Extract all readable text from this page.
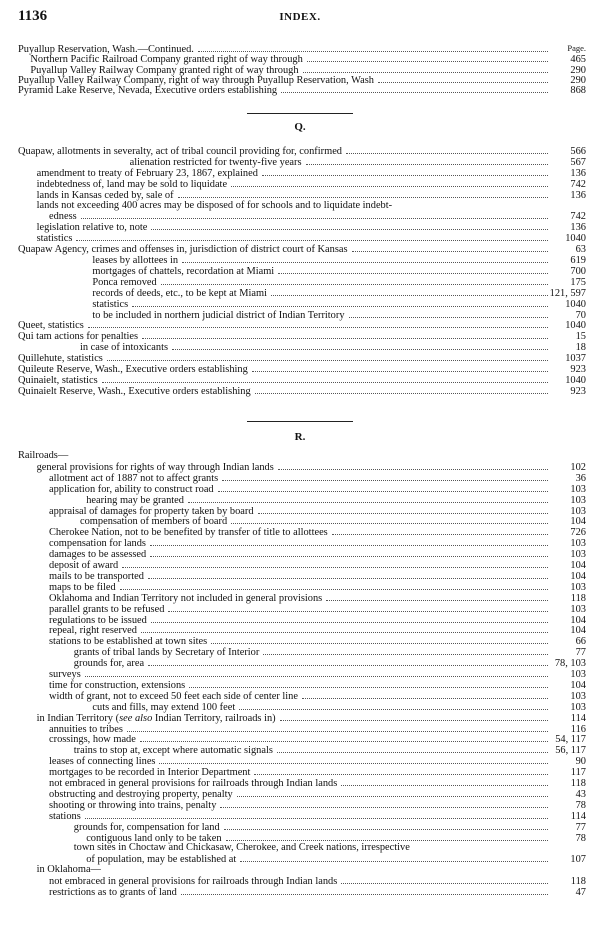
1136	INDEX.
Page.
Puyallup Reservation, Wash.—Continued.
Northern Pacific Railroad Company granted right of way through	465
Puyallup Valley Railway Company granted right of way through	290
Puyallup Valley Railway Company, right of way through Puyallup Reservation, Wash	290
Pyramid Lake Reserve, Nevada, Executive orders establishing	868
Q.
Quapaw, allotments in severalty, act of tribal council providing for, confirmed	566
alienation restricted for twenty-five years	567
amendment to treaty of February 23, 1867, explained	136
indebtedness of, land may be sold to liquidate	742
lands in Kansas ceded by, sale of	136
lands not exceeding 400 acres may be disposed of for schools and to liquidate indebt-
edness	742
legislation relative to, note	136
statistics	1040
Quapaw Agency, crimes and offenses in, jurisdiction of district court of Kansas	63
leases by allottees in	619
mortgages of chattels, recordation at Miami	700
Ponca removed	175
records of deeds, etc., to be kept at Miami	121, 597
statistics	1040
to be included in northern judicial district of Indian Territory	70
Queet, statistics	1040
Qui tam actions for penalties	15
in case of intoxicants	18
Quillehute, statistics	1037
Quileute Reserve, Wash., Executive orders establishing	923
Quinaielt, statistics	1040
Quinaielt Reserve, Wash., Executive orders establishing	923
R.
Railroads—
general provisions for rights of way through Indian lands	102
allotment act of 1887 not to affect grants	36
application for, ability to construct road	103
hearing may be granted	103
appraisal of damages for property taken by board	103
compensation of members of board	104
Cherokee Nation, not to be benefited by transfer of title to allottees	726
compensation for lands	103
damages to be assessed	103
deposit of award	104
mails to be transported	104
maps to be filed	103
Oklahoma and Indian Territory not included in general provisions	118
parallel grants to be refused	103
regulations to be issued	104
repeal, right reserved	104
stations to be established at town sites	66
grants of tribal lands by Secretary of Interior	77
grounds for, area	78, 103
surveys	103
time for construction, extensions	104
width of grant, not to exceed 50 feet each side of center line	103
cuts and fills, may extend 100 feet	103
in Indian Territory (see also Indian Territory, railroads in)	114
annuities to tribes	116
crossings, how made	54, 117
trains to stop at, except where automatic signals	56, 117
leases of connecting lines	90
mortgages to be recorded in Interior Department	117
not embraced in general provisions for railroads through Indian lands	118
obstructing and destroying property, penalty	43
shooting or throwing into trains, penalty	78
stations	114
grounds for, compensation for land	77
contiguous land only to be taken	78
town sites in Choctaw and Chickasaw, Cherokee, and Creek nations, irrespective
of population, may be established at	107
in Oklahoma—
not embraced in general provisions for railroads through Indian lands	118
restrictions as to grants of land	47
